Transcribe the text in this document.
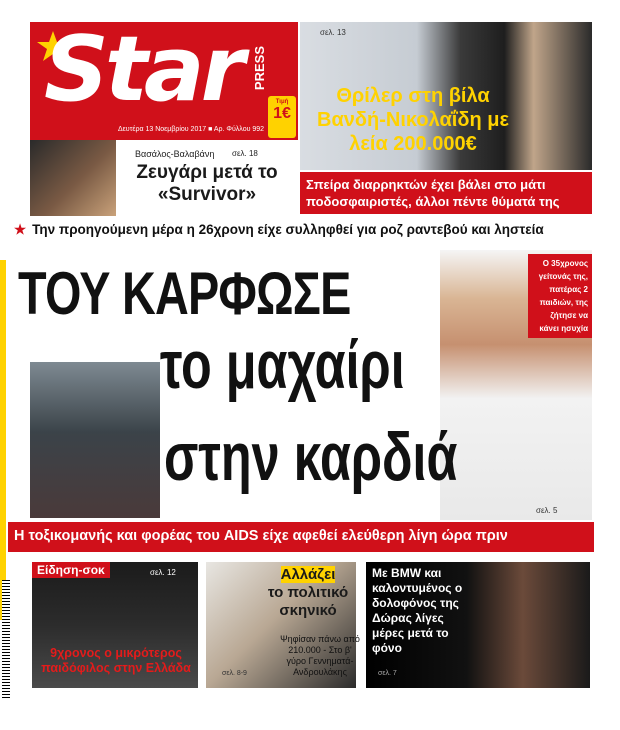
Star PRESS
Δευτέρα 13 Νοεμβρίου 2017 ■ Αρ. Φύλλου 992
Τιμή
1€
Βασάλος-Βαλαβάνη σελ. 18
Ζευγάρι μετά το «Survivor»
σελ. 13
Θρίλερ στη βίλα Βανδή-Νικολαΐδη με λεία 200.000€
Σπείρα διαρρηκτών έχει βάλει στο μάτι ποδοσφαιριστές, άλλοι πέντε θύματά της
★ Την προηγούμενη μέρα η 26χρονη είχε συλληφθεί για ροζ ραντεβού και ληστεία
Ο 35χρονος γείτονάς της, πατέρας 2 παιδιών, της ζήτησε να κάνει ησυχία
ΤΟΥ ΚΑΡΦΩΣΕ
το μαχαίρι
στην καρδιά
σελ. 5
Η τοξικομανής και φορέας του AIDS είχε αφεθεί ελεύθερη λίγη ώρα πριν
Είδηση-σοκ	σελ. 12
9χρονος ο μικρότερος παιδόφιλος στην Ελλάδα
Αλλάζει
το πολιτικό σκηνικό
Ψηφίσαν πάνω από 210.000 - Στο β' γύρο Γεννηματά-Ανδρουλάκης
σελ. 8-9
Με BMW και καλοντυμένος ο δολοφόνος της Δώρας λίγες μέρες μετά το φόνο
σελ. 7
